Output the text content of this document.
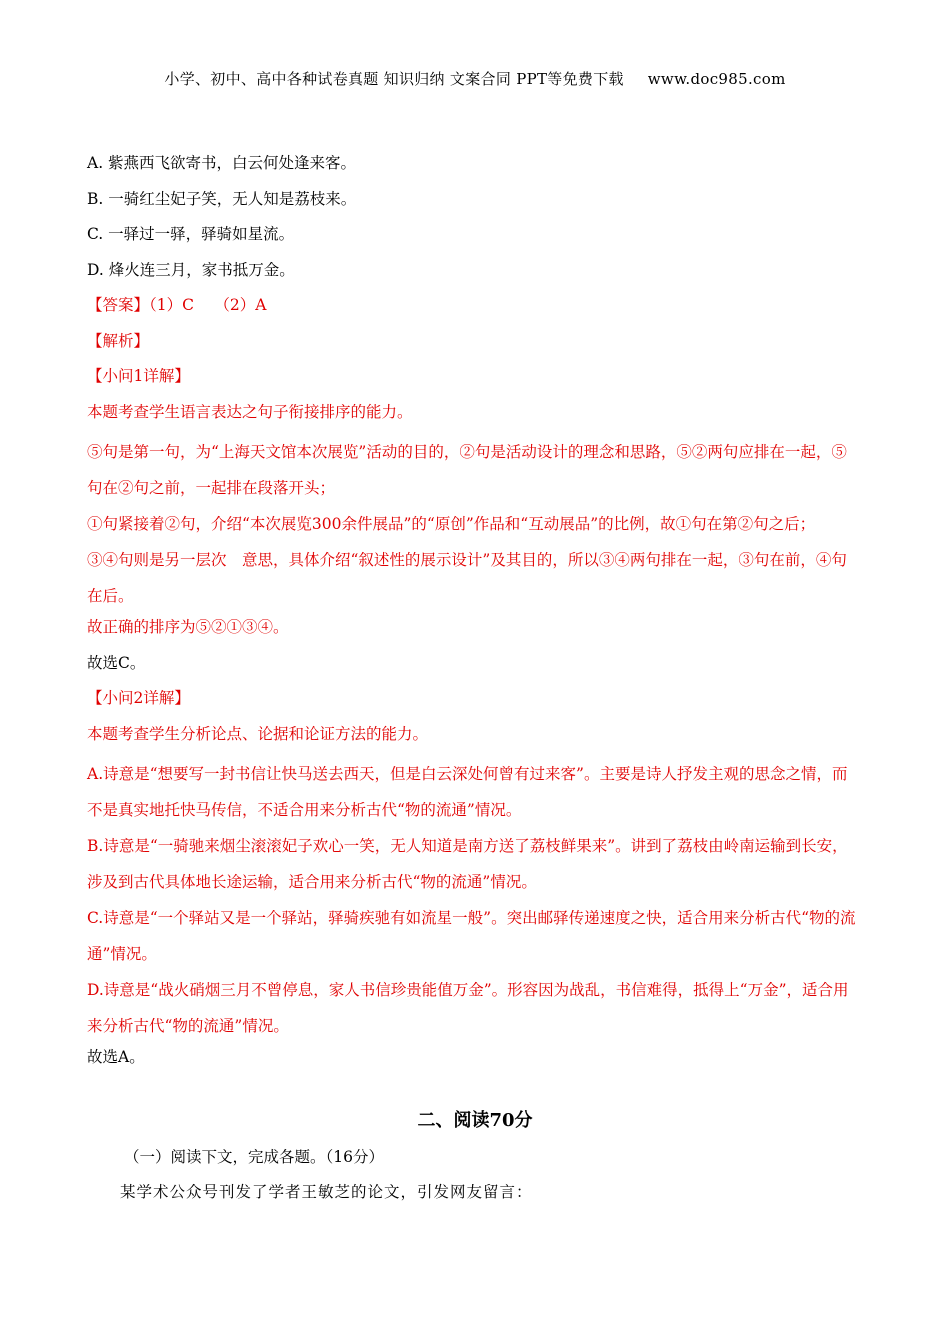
小学、初中、高中各种试卷真题 知识归纳 文案合同 PPT等免费下载 www.doc985.com
A. 紫燕西飞欲寄书，白云何处逢来客。
B. 一骑红尘妃子笑，无人知是荔枝来。
C. 一驿过一驿，驿骑如星流。
D. 烽火连三月，家书抵万金。
【答案】（1）C　 （2）A
【解析】
【小问1详解】
本题考查学生语言表达之句子衔接排序的能力。
⑤句是第一句，为“上海天文馆本次展览”活动的目的，②句是活动设计的理念和思路，⑤②两句应排在一起，⑤句在②句之前，一起排在段落开头；
①句紧接着②句，介绍“本次展览300余件展品”的“原创”作品和“互动展品”的比例，故①句在第②句之后；
③④句则是另一层次　意思，具体介绍“叙述性的展示设计”及其目的，所以③④两句排在一起，③句在前，④句在后。
故正确的排序为⑤②①③④。
故选C。
【小问2详解】
本题考查学生分析论点、论据和论证方法的能力。
A.诗意是“想要写一封书信让快马送去西天，但是白云深处何曾有过来客”。主要是诗人抒发主观的思念之情，而不是真实地托快马传信，不适合用来分析古代“物的流通”情况。
B.诗意是“一骑驰来烟尘滚滚妃子欢心一笑，无人知道是南方送了荔枝鲜果来”。讲到了荔枝由岭南运输到长安，涉及到古代具体地长途运输，适合用来分析古代“物的流通”情况。
C.诗意是“一个驿站又是一个驿站，驿骑疾驰有如流星一般”。突出邮驿传递速度之快，适合用来分析古代“物的流通”情况。
D.诗意是“战火硝烟三月不曾停息，家人书信珍贵能值万金”。形容因为战乱，书信难得，抵得上“万金”，适合用来分析古代“物的流通”情况。
故选A。
二、阅读70分
（一）阅读下文，完成各题。（16分）
某学术公众号刊发了学者王敏芝的论文，引发网友留言：
